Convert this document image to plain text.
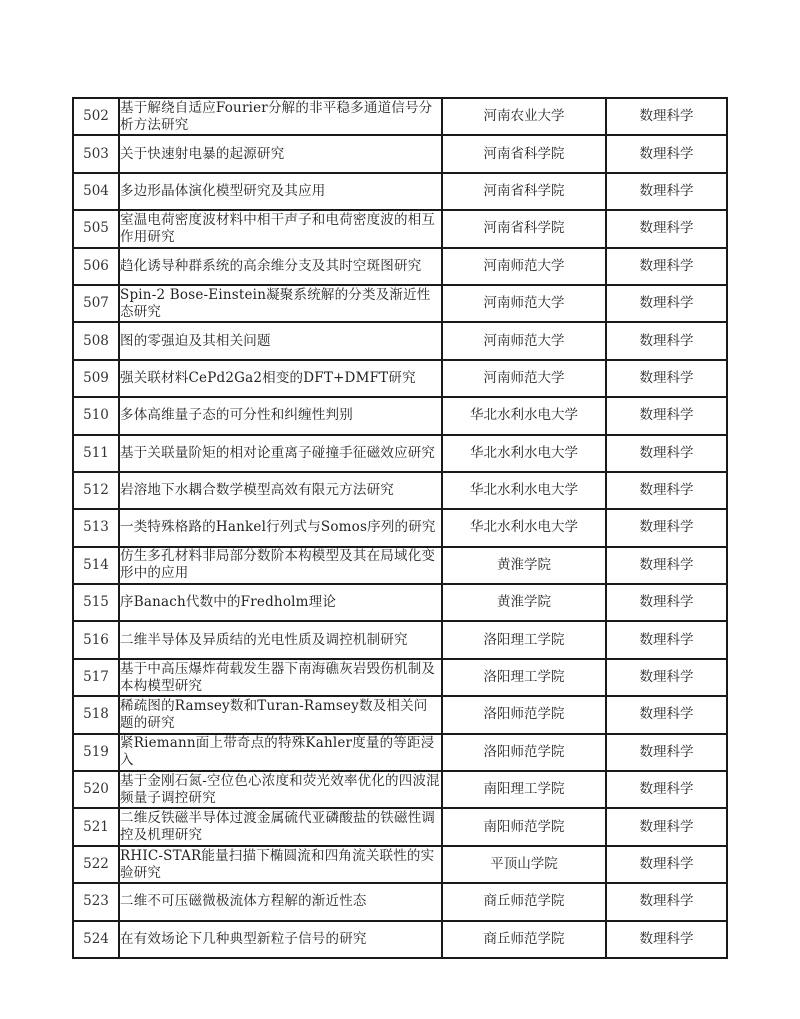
502	基于解绕自适应Fourier分解的非平稳多通道信号分析方法研究	河南农业大学	数理科学
503	关于快速射电暴的起源研究	河南省科学院	数理科学
504	多边形晶体演化模型研究及其应用	河南省科学院	数理科学
505	室温电荷密度波材料中相干声子和电荷密度波的相互作用研究	河南省科学院	数理科学
506	趋化诱导种群系统的高余维分支及其时空斑图研究	河南师范大学	数理科学
507	Spin-2 Bose-Einstein凝聚系统解的分类及渐近性态研究	河南师范大学	数理科学
508	图的零强迫及其相关问题	河南师范大学	数理科学
509	强关联材料CePd2Ga2相变的DFT+DMFT研究	河南师范大学	数理科学
510	多体高维量子态的可分性和纠缠性判别	华北水利水电大学	数理科学
511	基于关联量阶矩的相对论重离子碰撞手征磁效应研究	华北水利水电大学	数理科学
512	岩溶地下水耦合数学模型高效有限元方法研究	华北水利水电大学	数理科学
513	一类特殊格路的Hankel行列式与Somos序列的研究	华北水利水电大学	数理科学
514	仿生多孔材料非局部分数阶本构模型及其在局域化变形中的应用	黄淮学院	数理科学
515	序Banach代数中的Fredholm理论	黄淮学院	数理科学
516	二维半导体及异质结的光电性质及调控机制研究	洛阳理工学院	数理科学
517	基于中高压爆炸荷载发生器下南海礁灰岩毁伤机制及本构模型研究	洛阳理工学院	数理科学
518	稀疏图的Ramsey数和Turan-Ramsey数及相关问题的研究	洛阳师范学院	数理科学
519	紧Riemann面上带奇点的特殊Kahler度量的等距浸入	洛阳师范学院	数理科学
520	基于金刚石氮-空位色心浓度和荧光效率优化的四波混频量子调控研究	南阳理工学院	数理科学
521	二维反铁磁半导体过渡金属硫代亚磷酸盐的铁磁性调控及机理研究	南阳师范学院	数理科学
522	RHIC-STAR能量扫描下椭圆流和四角流关联性的实验研究	平顶山学院	数理科学
523	二维不可压磁微极流体方程解的渐近性态	商丘师范学院	数理科学
524	在有效场论下几种典型新粒子信号的研究	商丘师范学院	数理科学
